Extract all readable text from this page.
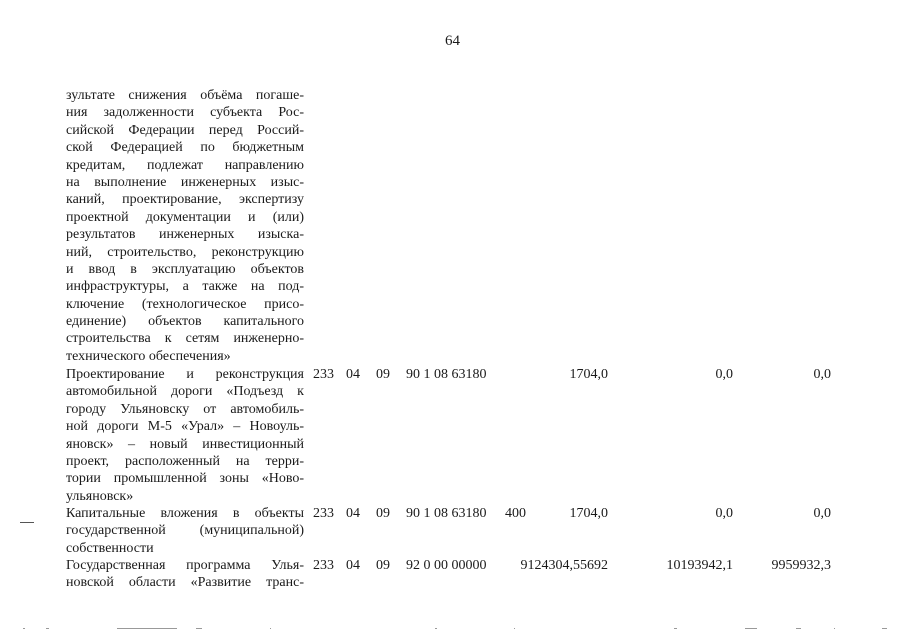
64
зультате снижения объёма погаше-
ния задолженности субъекта Рос-
сийской Федерации перед Россий-
ской Федерацией по бюджетным
кредитам, подлежат направлению
на выполнение инженерных изыс-
каний, проектирование, экспертизу
проектной документации и (или)
результатов инженерных изыска-
ний, строительство, реконструкцию
и ввод в эксплуатацию объектов
инфраструктуры, а также на под-
ключение (технологическое присо-
единение) объектов капитального
строительства к сетям инженерно-
технического обеспечения»
Проектирование и реконструкция
автомобильной дороги «Подъезд к
городу Ульяновску от автомобиль-
ной дороги М-5 «Урал» – Новоуль-
яновск» – новый инвестиционный
проект, расположенный на терри-
тории промышленной зоны «Ново-
ульяновск»
233 04 09 90 1 08 63180	1704,0	0,0	0,0
Капитальные вложения в объекты
государственной (муниципальной)
собственности
233 04 09 90 1 08 63180 400	1704,0	0,0	0,0
Государственная программа Улья-
новской области «Развитие транс-
233 04 09 92 0 00 00000 9124304,55692	10193942,1	9959932,3
